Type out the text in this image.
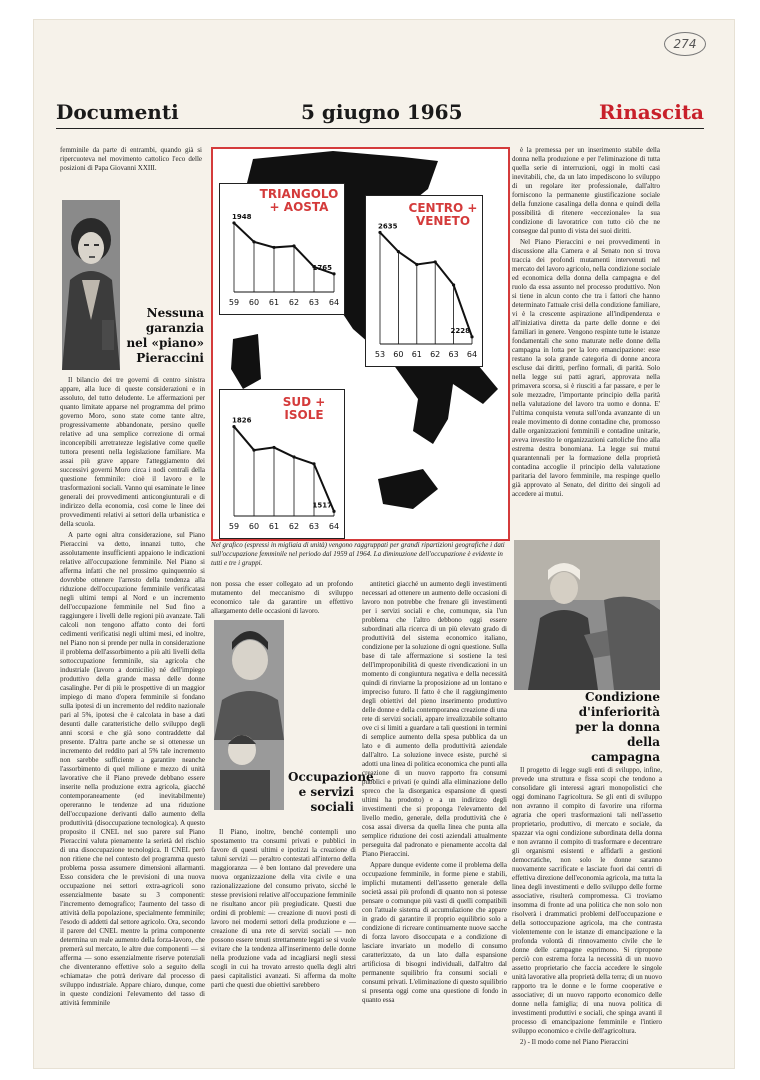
274
Documenti	5 giugno 1965	Rinascita
femminile da parte di entrambi, quando già si ripercuoteva nel movimento cattolico l'eco delle posizioni di Papa Giovanni XXIII.
Nessuna garanzia nel «piano» Pieraccini

Il bilancio dei tre governi di centro sinistra appare, alla luce di queste considerazioni e in assoluto, del tutto deludente. Le affermazioni per quanto limitate apparse nel programma del primo governo Moro, sono state come tante altre, progressivamente abbandonate, persino quelle relative ad una semplice correzione di ormai inconcepibili arretratezze legislative come quelle tuttora presenti nella legislazione familiare. Ma assai più grave appare l'atteggiamento dei successivi governi Moro circa i nodi centrali della questione femminile: cioè il lavoro e le trasformazioni sociali. Vanno qui esaminate le linee generali dei provvedimenti anticongiunturali e di indirizzo della economia, così come le linee dei provvedimenti relativi ai settori della urbanistica e della scuola.

A parte ogni altra considerazione, sul Piano Pieraccini va detto, innanzi tutto, che assolutamente insufficienti appaiono le indicazioni relative all'occupazione femminile. Nel Piano si afferma infatti che nel prossimo quinquennio si dovrebbe ottenere l'arresto della tendenza alla riduzione dell'occupazione femminile verificatasi negli ultimi tempi al Nord e un incremento dell'occupazione femminile nel Sud fino a raggiungere i livelli delle regioni più avanzate. Tali calcoli non tengono affatto conto dei forti cedimenti verificatisi negli ultimi mesi, ed inoltre, nel Piano non si prende per nulla in considerazione il problema dell'assorbimento a più alti livelli della sottoccupazione femminile, sia agricola che industriale (lavoro a domicilio) né dell'impiego produttivo della grande massa delle donne casalinghe. Per di più le prospettive di un maggior impiego di mano d'opera femminile si fondano sulla ipotesi di un incremento del reddito nazionale pari al 5%, ipotesi che è calcolata in base a dati desunti dalle caratteristiche dello sviluppo degli anni scorsi e che già sono contraddette dal presente. D'altra parte anche se si ottenesse un incremento del reddito pari al 5% tale incremento non sarebbe sufficiente a garantire neanche l'assorbimento di quel milione e mezzo di unità lavorative che il Piano prevede debbano essere inserite nella produzione extra agricola, giacché contemporaneamente (ed inevitabilmente) opereranno le tendenze ad una riduzione dell'occupazione derivanti dallo aumento della produttività (disoccupazione tecnologica). A questo proposito il CNEL nel suo parere sul Piano Pieraccini valuta pienamente la serietà del rischio di una disoccupazione tecnologica. Il CNEL però non ritiene che nel contesto del programma questo problema possa assumere dimensioni allarmanti. Esso considera che le previsioni di una nuova occupazione nei settori extra-agricoli sono essenzialmente basate su 3 componenti: l'incremento demografico; l'aumento del tasso di attività della popolazione, specialmente femminile; l'esodo di addetti dal settore agricolo. Ora, secondo il parere del CNEL mentre la prima componente determina un reale aumento della forza-lavoro, che premerà sul mercato, le altre due componenti — si afferma — sono essenzialmente riserve potenziali che diventeranno effettive solo a seguito della «chiamata» che potrà derivare dal processo di sviluppo industriale. Appare chiaro, dunque, come in queste condizioni l'elevamento del tasso di attività femminile

TRIANGOLO + AOSTA
59 60 61 62 63 64
1948
1765
CENTRO + VENETO
53 60 61 62 63 64
2635
2228
SUD + ISOLE
59 60 61 62 63 64
1826
1517
Nel grafico (espressi in migliaia di unità) vengono raggruppati per grandi ripartizioni geografiche i dati sull'occupazione femminile nel periodo dal 1959 al 1964. La diminuzione dell'occupazione è evidente in tutti e tre i gruppi.
non possa che esser collegato ad un profondo mutamento del meccanismo di sviluppo economico tale da garantire un effettivo allargamento delle occasioni di lavoro.
Occupazione e servizi sociali

Il Piano, inoltre, benché contempli uno spostamento tra consumi privati e pubblici in favore di questi ultimi e ipotizzi la creazione di taluni servizi — peraltro contestati all'interno della maggioranza — è ben lontano dal prevedere una nuova organizzazione della vita civile e una razionalizzazione del consumo privato, sicché le stesse previsioni relative all'occupazione femminile ne risultano ancor più pregiudicate. Questi due ordini di problemi: — creazione di nuovi posti di lavoro nei moderni settori della produzione e — creazione di una rete di servizi sociali — non possono essere tenuti strettamente legati se si vuole evitare che la tendenza all'inserimento delle donne nella produzione vada ad incagliarsi negli stessi scogli in cui ha trovato arresto quella degli altri paesi capitalistici avanzati. Si afferma da molte parti che questi due obiettivi sarebbero

antitetici giacché un aumento degli investimenti necessari ad ottenere un aumento delle occasioni di lavoro non potrebbe che frenare gli investimenti per i servizi sociali e che, comunque, sia l'un problema che l'altro debbono oggi essere subordinati alla ricerca di un più elevato grado di produttività del sistema economico italiano, condizione per la soluzione di ogni questione. Sulla base di tale affermazione si sostiene la tesi dell'improponibilità di queste rivendicazioni in un momento di congiuntura negativa e della necessità quindi di rinviarne la proposizione ad un lontano e impreciso futuro. Il fatto è che il raggiungimento degli obiettivi del pieno inserimento produttivo delle donne e della contemporanea creazione di una rete di servizi sociali, appare irrealizzabile soltanto ove ci si limiti a guardare a tali questioni in termini di semplice aumento della spesa pubblica da un lato e di aumento della produttività aziendale dall'altro. La soluzione invece esiste, purché si adotti una linea di politica economica che punti alla creazione di un nuovo rapporto fra consumi pubblici e privati (e quindi alla eliminazione dello spreco che la disorganica espansione di questi ultimi ha prodotto) e a un indirizzo degli investimenti che si proponga l'elevamento del livello medio, generale, della produttività che è cosa assai diversa da quella linea che punta alla semplice riduzione dei costi aziendali attualmente perseguita dal padronato e pienamente accolta dal Piano Pieraccini.

Appare dunque evidente come il problema della occupazione femminile, in forme piene e stabili, implichi mutamenti dell'assetto generale della società assai più profondi di quanto non si potesse pensare o comunque più vasti di quelli compatibili con l'attuale sistema di accumulazione che appare in grado di garantire il proprio equilibrio solo a condizione di ricreare continuamente nuove sacche di forza lavoro disoccupata e a condizione di lasciare invariato un modello di consumo caratterizzato, da un lato dalla espansione artificiosa di bisogni individuali, dall'altro dal permanente squilibrio fra consumi sociali e consumi privati. L'eliminazione di questo squilibrio si presenta oggi come una questione di fondo in quanto essa

è la premessa per un inserimento stabile della donna nella produzione e per l'eliminazione di tutta quella serie di interruzioni, oggi in molti casi inevitabili, che, da un lato impediscono lo sviluppo di un regolare iter professionale, dall'altro forniscono la permanente giustificazione sociale della funzione casalinga della donna e quindi della possibilità di ritenere «eccezionale» la sua condizione di lavoratrice con tutto ciò che ne consegue dal punto di vista dei suoi diritti.

Nel Piano Pieraccini e nei provvedimenti in discussione alla Camera e al Senato non si trova traccia dei profondi mutamenti intervenuti nel mercato del lavoro agricolo, nella condizione sociale ed economica della donna della campagna e del ruolo da essa assunto nel processo produttivo. Non si tiene in alcun conto che tra i fattori che hanno determinato l'attuale crisi della condizione familiare, vi è la crescente aspirazione all'indipendenza e all'iniziativa diretta da parte delle donne e dei familiari in genere. Vengono respinte tutte le istanze fondamentali che sono maturate nelle donne della campagna in lotta per la loro emancipazione: esse restano la sola grande categoria di donne ancora escluse dai diritti, perfino formali, di parità. Solo nella legge sui patti agrari, approvata nella primavera scorsa, si è riusciti a far passare, e per le sole mezzadre, l'importante principio della parità nella valutazione del lavoro tra uomo e donna. E' l'ultima conquista venuta sull'onda avanzante di un reale movimento di donne contadine che, promosso dalle organizzazioni femminili e contadine unitarie, aveva investito le organizzazioni cattoliche fino alla estrema destra bonomiana. La legge sui mutui quarantennali per la formazione della proprietà contadina accoglie il principio della valutazione paritaria del lavoro femminile, ma respinge quello già approvato al Senato, del diritto dei singoli ad accedere ai mutui.

Condizione d'inferiorità per la donna della campagna

Il progetto di legge sugli enti di sviluppo, infine, prevede una struttura e fissa scopi che tendono a consolidare gli interessi agrari monopolistici che oggi dominano l'agricoltura. Se gli enti di sviluppo non avranno il compito di favorire una riforma agraria che operi trasformazioni tali nell'assetto proprietario, produttivo, di mercato e sociale, da spazzar via ogni condizione subordinata della donna e non avranno il compito di trasformare e decentrare gli organismi esistenti e affidarli a gestioni democratiche, non solo le donne saranno nuovamente sacrificate e lasciate fuori dai centri di effettiva direzione dell'economia agricola, ma tutta la linea degli investimenti e dello sviluppo delle forme associative, risulterà compromessa. Ci troviamo insomma di fronte ad una politica che non solo non risolverà i drammatici problemi dell'occupazione e della sottoccupazione agricola, ma che contrasta violentemente con le istanze di emancipazione e la profonda volontà di rinnovamento civile che le donne delle campagne esprimono. Si ripropone perciò con estrema forza la necessità di un nuovo assetto proprietario che faccia accedere le singole unità lavorative alla proprietà della terra; di un nuovo rapporto tra le donne e le forme cooperative e associative; di un nuovo rapporto economico delle donne nella famiglia; di una nuova politica di investimenti produttivi e sociali, che spinga avanti il processo di emancipazione femminile e l'intiero sviluppo economico e civile dell'agricoltura.

2) - Il modo come nel Piano Pieraccini
